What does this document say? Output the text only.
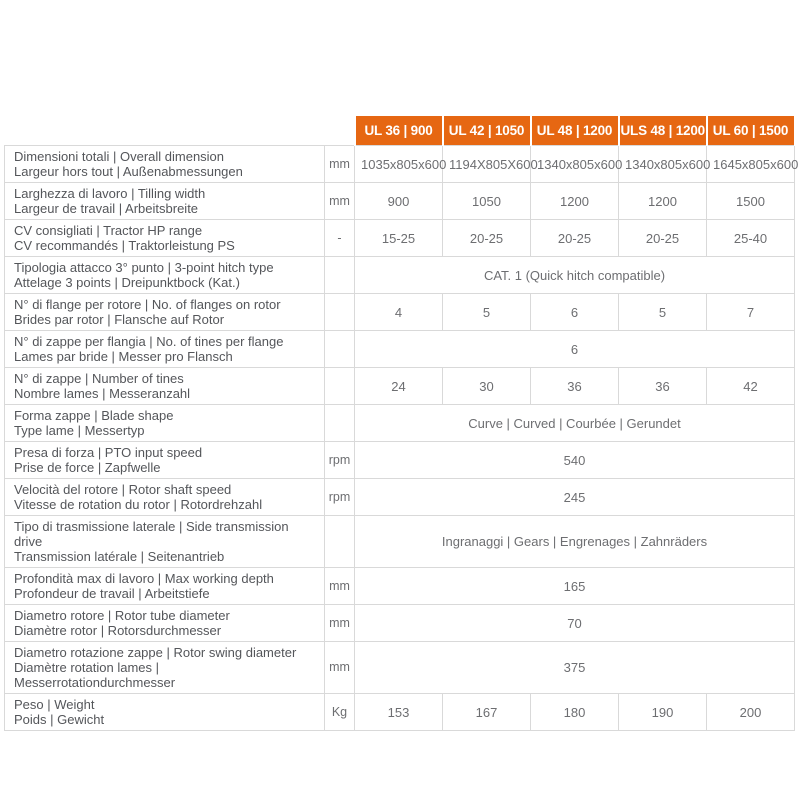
		UL 36 | 900	UL 42 | 1050	UL 48 | 1200	ULS 48 | 1200	UL 60 | 1500

Dimensioni totali | Overall dimension
Largeur hors tout | Außenabmessungen	mm	1035x805x600	1194X805X600	1340x805x600	1340x805x600	1645x805x600

Larghezza di lavoro | Tilling width
Largeur de travail | Arbeitsbreite	mm	900	1050	1200	1200	1500

CV consigliati | Tractor HP range
CV recommandés | Traktorleistung PS	-	15-25	20-25	20-25	20-25	25-40

Tipologia attacco 3° punto | 3-point hitch type
Attelage 3 points | Dreipunktbock (Kat.)		CAT. 1 (Quick hitch compatible)				

N° di flange per rotore | No. of flanges on rotor
Brides par rotor | Flansche auf Rotor		4	5	6	5	7

N° di zappe per flangia | No. of tines per flange
Lames par bride | Messer pro Flansch		6				

N° di zappe | Number of tines
Nombre lames | Messeranzahl		24	30	36	36	42

Forma zappe | Blade shape
Type lame | Messertyp		Curve | Curved | Courbée | Gerundet				

Presa di forza | PTO input speed
Prise de force | Zapfwelle	rpm	540				

Velocità del rotore | Rotor shaft speed
Vitesse de rotation du rotor | Rotordrehzahl	rpm	245				

Tipo di trasmissione laterale | Side transmission drive
Transmission latérale | Seitenantrieb		Ingranaggi | Gears | Engrenages | Zahnräders				

Profondità max di lavoro | Max working depth
Profondeur de travail | Arbeitstiefe	mm	165				

Diametro rotore | Rotor tube diameter
Diamètre rotor | Rotorsdurchmesser	mm	70				

Diametro rotazione zappe | Rotor swing diameter
Diamètre rotation lames | Messerrotationdurchmesser	mm	375				

Peso | Weight
Poids | Gewicht	Kg	153	167	180	190	200
